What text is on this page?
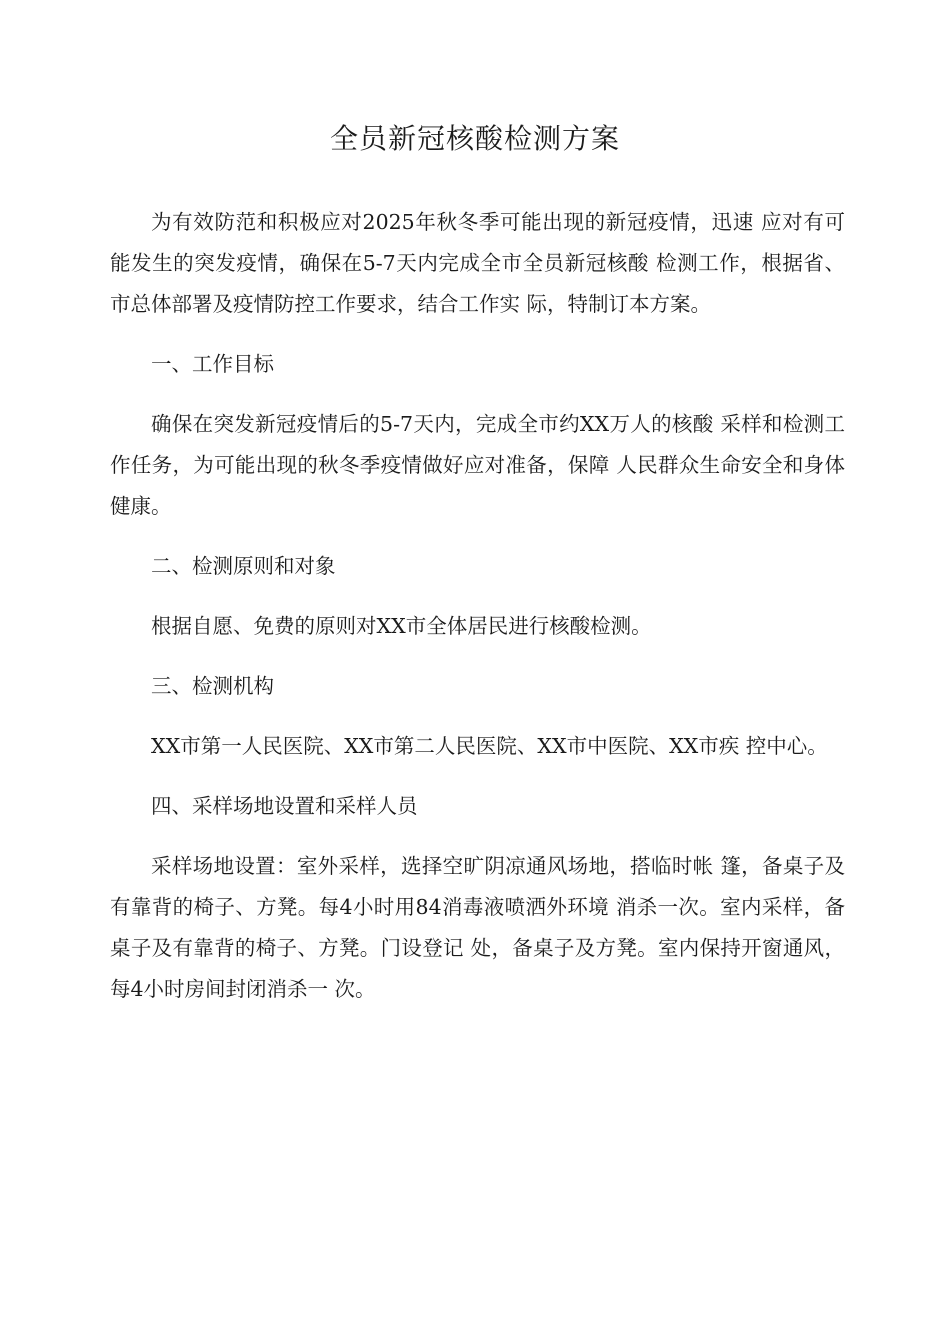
全员新冠核酸检测方案

为有效防范和积极应对2025年秋冬季可能出现的新冠疫情，迅速 应对有可能发生的突发疫情，确保在5-7天内完成全市全员新冠核酸 检测工作，根据省、市总体部署及疫情防控工作要求，结合工作实 际，特制订本方案。

一、工作目标

确保在突发新冠疫情后的5-7天内，完成全市约XX万人的核酸 采样和检测工作任务，为可能出现的秋冬季疫情做好应对准备，保障 人民群众生命安全和身体健康。

二、检测原则和对象

根据自愿、免费的原则对XX市全体居民进行核酸检测。

三、检测机构

XX市第一人民医院、XX市第二人民医院、XX市中医院、XX市疾 控中心。

四、采样场地设置和采样人员

采样场地设置：室外采样，选择空旷阴凉通风场地，搭临时帐 篷，备桌子及有靠背的椅子、方凳。每4小时用84消毒液喷洒外环境 消杀一次。室内采样，备桌子及有靠背的椅子、方凳。门设登记 处，备桌子及方凳。室内保持开窗通风，每4小时房间封闭消杀一 次。
